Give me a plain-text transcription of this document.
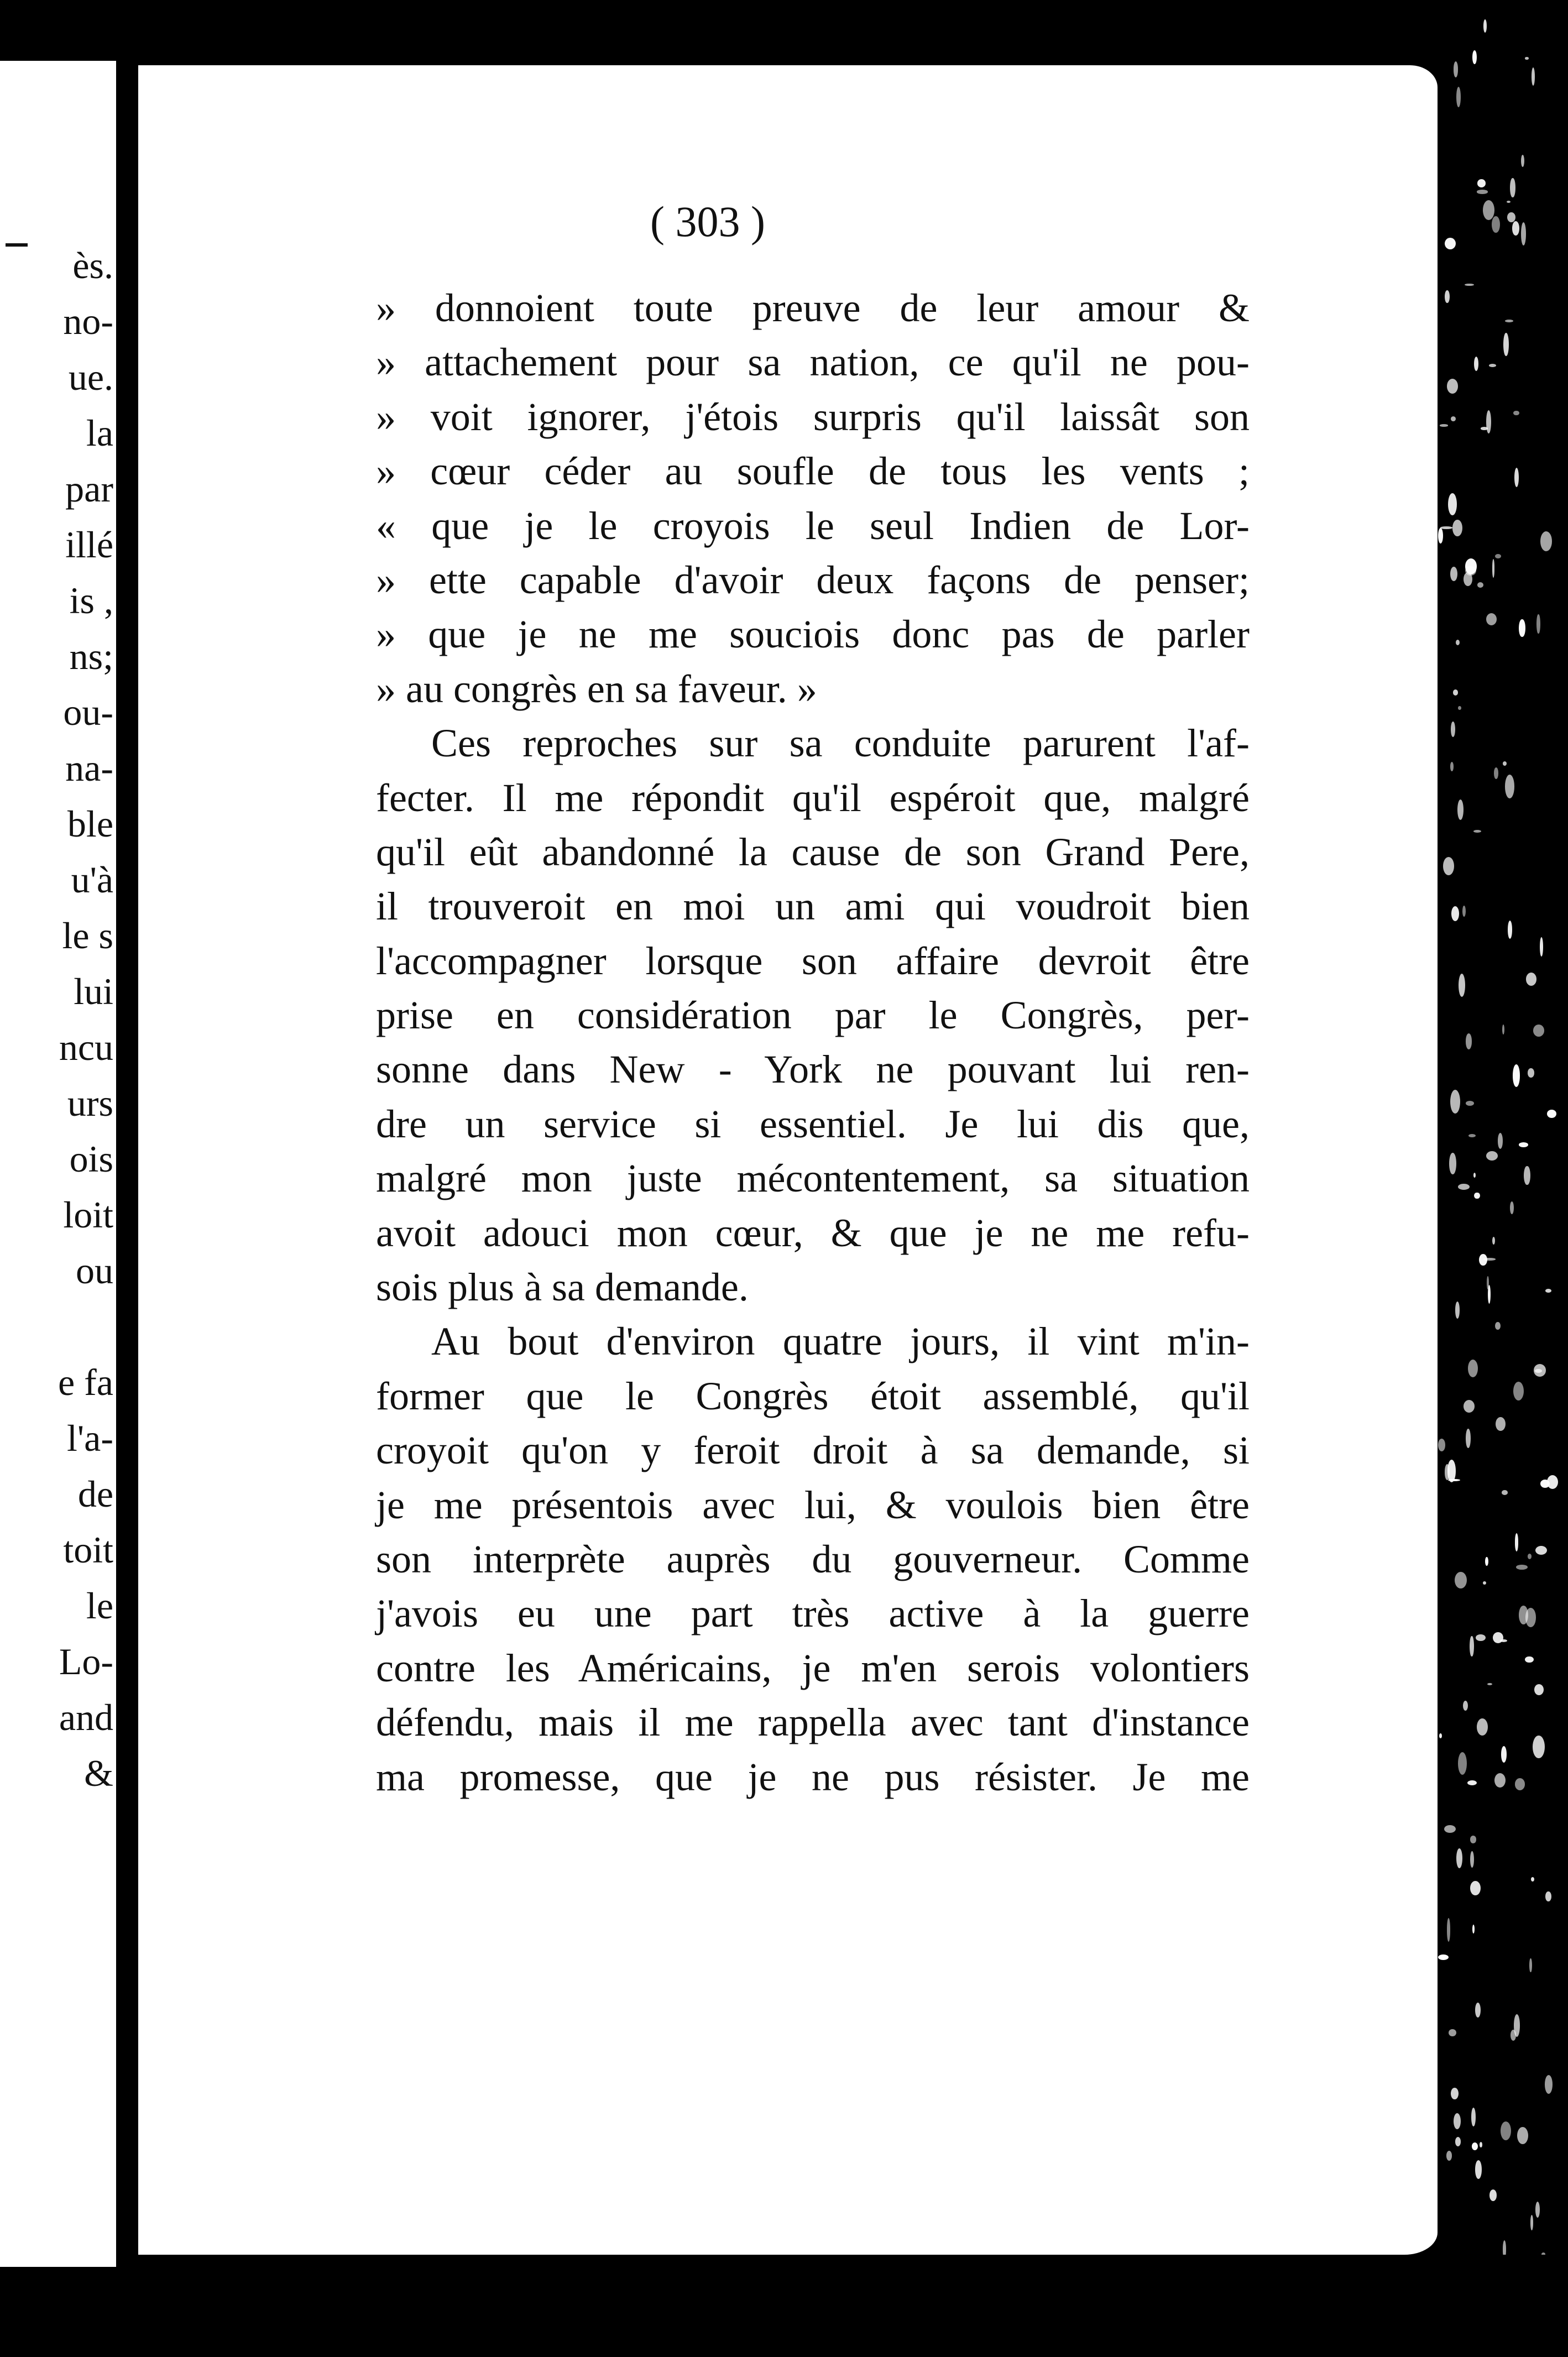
ès.
no-
ue.
la
par
illé
is ,
ns;
ou-
na-
ble
u'à
le s
lui
ncu
urs
ois
loit
ou
e fa
l'a-
de
toit
le
Lo-
and
&

( 303 )

» donnoient toute preuve de leur amour &
» attachement pour sa nation, ce qu'il ne pou-
» voit ignorer, j'étois surpris qu'il laissât son
» cœur céder au soufle de tous les vents ;
« que je le croyois le seul Indien de Lor-
» ette capable d'avoir deux façons de penser;
» que je ne me souciois donc pas de parler
» au congrès en sa faveur. »
Ces reproches sur sa conduite parurent l'af-
fecter. Il me répondit qu'il espéroit que, malgré
qu'il eût abandonné la cause de son Grand Pere,
il trouveroit en moi un ami qui voudroit bien
l'accompagner lorsque son affaire devroit être
prise en considération par le Congrès, per-
sonne dans New - York ne pouvant lui ren-
dre un service si essentiel. Je lui dis que,
malgré mon juste mécontentement, sa situation
avoit adouci mon cœur, & que je ne me refu-
sois plus à sa demande.
Au bout d'environ quatre jours, il vint m'in-
former que le Congrès étoit assemblé, qu'il
croyoit qu'on y feroit droit à sa demande, si
je me présentois avec lui, & voulois bien être
son interprète auprès du gouverneur. Comme
j'avois eu une part très active à la guerre
contre les Américains, je m'en serois volontiers
défendu, mais il me rappella avec tant d'instance
ma promesse, que je ne pus résister. Je me
